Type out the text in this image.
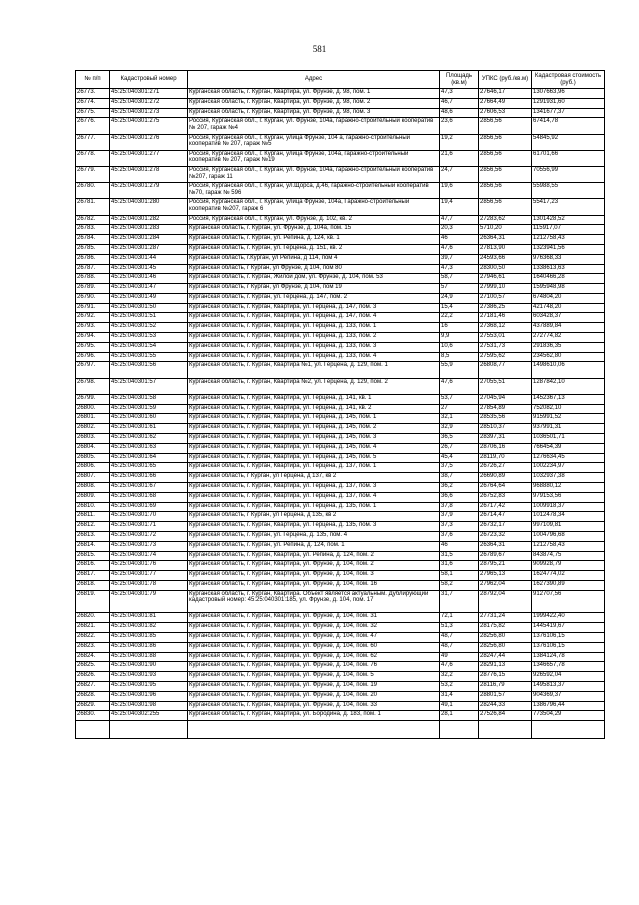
581
№ п/п	Кадастровый номер	Адрес	Площадь (кв.м)	УПКС (руб./кв.м)	Кадастровая стоимость (руб.)
26773.	45:25:040301:271	Курганская область, г. Курган, Квартира, ул. Фрунзе, д. 98, пом. 1	47,3	27646,17	1307663,96
26774.	45:25:040301:272	Курганская область, г. Курган, Квартира, ул. Фрунзе, д. 98, пом. 2	46,7	27664,49	1291931,60
26775.	45:25:040301:273	Курганская область, г. Курган, Квартира, ул. Фрунзе, д. 98, пом. 3	48,6	27606,53	1341677,37
26776.	45:25:040301:275	Россия, Курганская обл., г. Курган, ул. Фрунзе, 104а, гаражно-строительный кооператив № 207, гараж №4	23,6	2856,56	67414,78
26777.	45:25:040301:276	Россия, Курганская обл., г. Курган, улица Фрунзе, 104 а, гаражно-строительный кооператив № 207, гараж №5	19,2	2856,56	54845,92
26778.	45:25:040301:277	Россия, Курганская обл., г. Курган, улица Фрунзе, 104а, гаражно-строительный кооператив № 207, гараж №19	21,6	2856,56	61701,66
26779.	45:25:040301:278	Россия, Курганская обл., г. Курган, ул. Фрунзе, 104а, гаражно-строительный кооператив №207, гараж 11	24,7	2856,56	70556,99
26780.	45:25:040301:279	Россия, Курганская обл., г. Курган, ул.Щорса, д.46, гаражно-строительный кооператив №70, гараж № 596	19,6	2856,56	55988,55
26781.	45:25:040301:280	Россия, Курганская обл., г. Курган, улица Фрунзе, 104а, Гаражно-строительный кооператив №207, гараж 6	19,4	2856,56	55417,23
26782.	45:25:040301:282	Россия, Курганская обл., г. Курган, ул. Фрунзе, д. 102, кв. 2	47,7	27283,62	1301428,52
26783.	45:25:040301:283	Курганская область, г. Курган, ул. Фрунзе, д. 104а, пом. 15	20,3	5710,20	115917,07
26784.	45:25:040301:284	Курганская область, г. Курган, ул. Репина, д. 124, кв. 1	46	26364,31	1212758,43
26785.	45:25:040301:287	Курганская область, г. Курган, ул. Герцена, д. 151, кв. 2	47,6	27813,90	1323941,56
26786.	45:25:040301:44	Курганская область, г.Курган, ул Репина, д 114, пом 4	39,7	24593,66	976368,33
26787.	45:25:040301:45	Курганская область, г Курган, ул Фрунзе, д 104, пом 80	47,3	28300,50	1338613,63
26788.	45:25:040301:46	Курганская область, г. Курган, Жилой дом, ул. Фрунзе, д. 104, пом. 53	58,7	27946,61	1640466,28
26789.	45:25:040301:47	Курганская область, г Курган, ул Фрунзе, д 104, пом 19	57	27999,10	1595948,98
26790.	45:25:040301:49	Курганская область, г. Курган, ул. Герцена, д. 147, пом. 2	24,9	27100,57	674804,20
26791.	45:25:040301:50	Курганская область, г. Курган, Квартира, ул. Герцена, д. 147, пом. 3	15,4	27386,25	421748,20
26792.	45:25:040301:51	Курганская область, г. Курган, Квартира, ул. Герцена, д. 147, пом. 4	22,2	27181,46	603428,37
26793.	45:25:040301:52	Курганская область, г. Курган, Квартира, ул. Герцена, д. 133, пом. 1	16	27368,12	437889,84
26794.	45:25:040301:53	Курганская область, г. Курган, Квартира, ул. Герцена, д. 133, пом. 2	9,9	27553,01	272774,82
26795.	45:25:040301:54	Курганская область, г. Курган, Квартира, ул. Герцена, д. 133, пом. 3	10,6	27531,73	291836,35
26796.	45:25:040301:55	Курганская область, г. Курган, Квартира, ул. Герцена, д. 133, пом. 4	8,5	27595,62	234562,80
26797.	45:25:040301:56	Курганская область, г. Курган, Квартира №1, ул. Герцена, д. 129, пом. 1	55,9	26808,77	1498610,06
26798.	45:25:040301:57	Курганская область, г. Курган, Квартира №2, ул. Герцена, д. 129, пом. 2	47,6	27055,51	1287842,10
26799.	45:25:040301:58	Курганская область, г. Курган, Квартира, ул. Герцена, д. 141, кв. 1	53,7	27045,94	1452367,13
26800.	45:25:040301:59	Курганская область, г. Курган, Квартира, ул. Герцена, д. 141, кв. 2	27	27854,89	752082,10
26801.	45:25:040301:60	Курганская область, г. Курган, Квартира, ул. Герцена, д. 145, пом. 1	32,1	28535,56	915991,52
26802.	45:25:040301:61	Курганская область, г. Курган, Квартира, ул. Герцена, д. 145, пом. 2	32,9	28510,37	937991,31
26803.	45:25:040301:62	Курганская область, г. Курган, Квартира, ул. Герцена, д. 145, пом. 3	36,5	28397,31	1036501,71
26804.	45:25:040301:63	Курганская область, г. Курган, Квартира, ул. Герцена, д. 145, пом. 4	26,7	28706,16	766454,39
26805.	45:25:040301:64	Курганская область, г. Курган, Квартира, ул. Герцена, д. 145, пом. 5	45,4	28119,70	1276634,45
26806.	45:25:040301:65	Курганская область, г. Курган, Квартира, ул. Герцена, д. 137, пом. 1	37,5	26726,27	1002234,97
26807.	45:25:040301:66	Курганская область, г Курган, ул Герцена, д 137, кв 2	38,7	26690,89	1032937,38
26808.	45:25:040301:67	Курганская область, г. Курган, Квартира, ул. Герцена, д. 137, пом. 3	36,2	26764,64	968880,12
26809.	45:25:040301:68	Курганская область, г. Курган, Квартира, ул. Герцена, д. 137, пом. 4	36,6	26752,83	979153,56
26810.	45:25:040301:69	Курганская область, г. Курган, Квартира, ул. Герцена, д. 135, пом. 1	37,8	26717,42	1009918,37
26811.	45:25:040301:70	Курганская область, г Курган, ул Герцена, д 135, кв 2	37,9	26714,47	1012478,34
26812.	45:25:040301:71	Курганская область, г. Курган, Квартира, ул. Герцена, д. 135, пом. 3	37,3	26732,17	997109,81
26813.	45:25:040301:72	Курганская область, г. Курган, ул. Герцена, д. 135, пом. 4	37,6	26723,32	1004796,68
26814.	45:25:040301:73	Курганская область, г. Курган, ул. Репина, д. 124, пом. 1	46	26364,31	1212758,43
26815.	45:25:040301:74	Курганская область, г. Курган, Квартира, ул. Репина, д. 124, пом. 2	31,5	26789,67	843874,75
26816.	45:25:040301:76	Курганская область, г. Курган, Квартира, ул. Фрунзе, д. 104, пом. 2	31,6	28795,21	909928,79
26817.	45:25:040301:77	Курганская область, г. Курган, Квартира, ул. Фрунзе, д. 104, пом. 3	58,1	27965,13	1624774,02
26818.	45:25:040301:78	Курганская область, г. Курган, Квартира, ул. Фрунзе, д. 104, пом. 16	58,2	27962,04	1627390,89
26819.	45:25:040301:79	Курганская область, г. Курган, Квартира. Объект является актуальным. Дублирующий кадастровый номер: 45:25:040301:185, ул. Фрунзе, д. 104, пом. 17	31,7	28792,04	912707,56
26820.	45:25:040301:81	Курганская область, г. Курган, Квартира, ул. Фрунзе, д. 104, пом. 31	72,1	27731,24	1999422,40
26821.	45:25:040301:82	Курганская область, г. Курган, Квартира, ул. Фрунзе, д. 104, пом. 32	51,3	28175,82	1445419,67
26822.	45:25:040301:85	Курганская область, г. Курган, Квартира, ул. Фрунзе, д. 104, пом. 47	48,7	28256,80	1376106,15
26823.	45:25:040301:86	Курганская область, г. Курган, Квартира, ул. Фрунзе, д. 104, пом. 60	48,7	28256,80	1376106,15
26824.	45:25:040301:88	Курганская область, г. Курган, Квартира, ул. Фрунзе, д. 104, пом. 62	49	28247,44	1384124,78
26825.	45:25:040301:90	Курганская область, г. Курган, Квартира, ул. Фрунзе, д. 104, пом. 76	47,6	28291,13	1346657,78
26826.	45:25:040301:93	Курганская область, г. Курган, Квартира, ул. Фрунзе, д. 104, пом. 5	32,2	28776,15	926592,04
26827.	45:25:040301:95	Курганская область, г. Курган, Квартира, ул. Фрунзе, д. 104, пом. 19	53,2	28116,79	1495813,37
26828.	45:25:040301:96	Курганская область, г. Курган, Квартира, ул. Фрунзе, д. 104, пом. 20	31,4	28801,57	904369,37
26829.	45:25:040301:98	Курганская область, г. Курган, Квартира, ул. Фрунзе, д. 104, пом. 33	49,1	28244,33	1386796,44
26830.	45:25:040302:255	Курганская область, г. Курган, Квартира, ул. Бородина, д. 183, пом. 1	28,1	27526,84	773504,29
